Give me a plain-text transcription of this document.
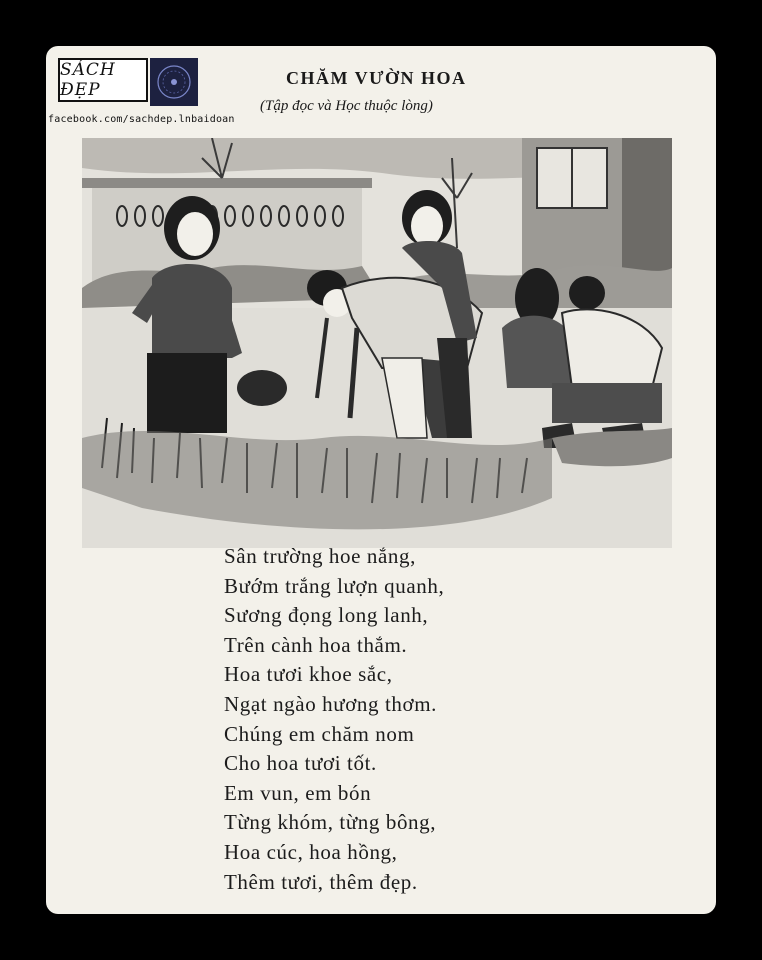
SÁCH ĐẸP
facebook.com/sachdep.lnbaidoan
CHĂM VƯỜN HOA
(Tập đọc và Học thuộc lòng)
Sân trường hoe nắng,
Bướm trắng lượn quanh,
Sương đọng long lanh,
Trên cành hoa thắm.
Hoa tươi khoe sắc,
Ngạt ngào hương thơm.
Chúng em chăm nom
Cho hoa tươi tốt.
Em vun, em bón
Từng khóm, từng bông,
Hoa cúc, hoa hồng,
Thêm tươi, thêm đẹp.
